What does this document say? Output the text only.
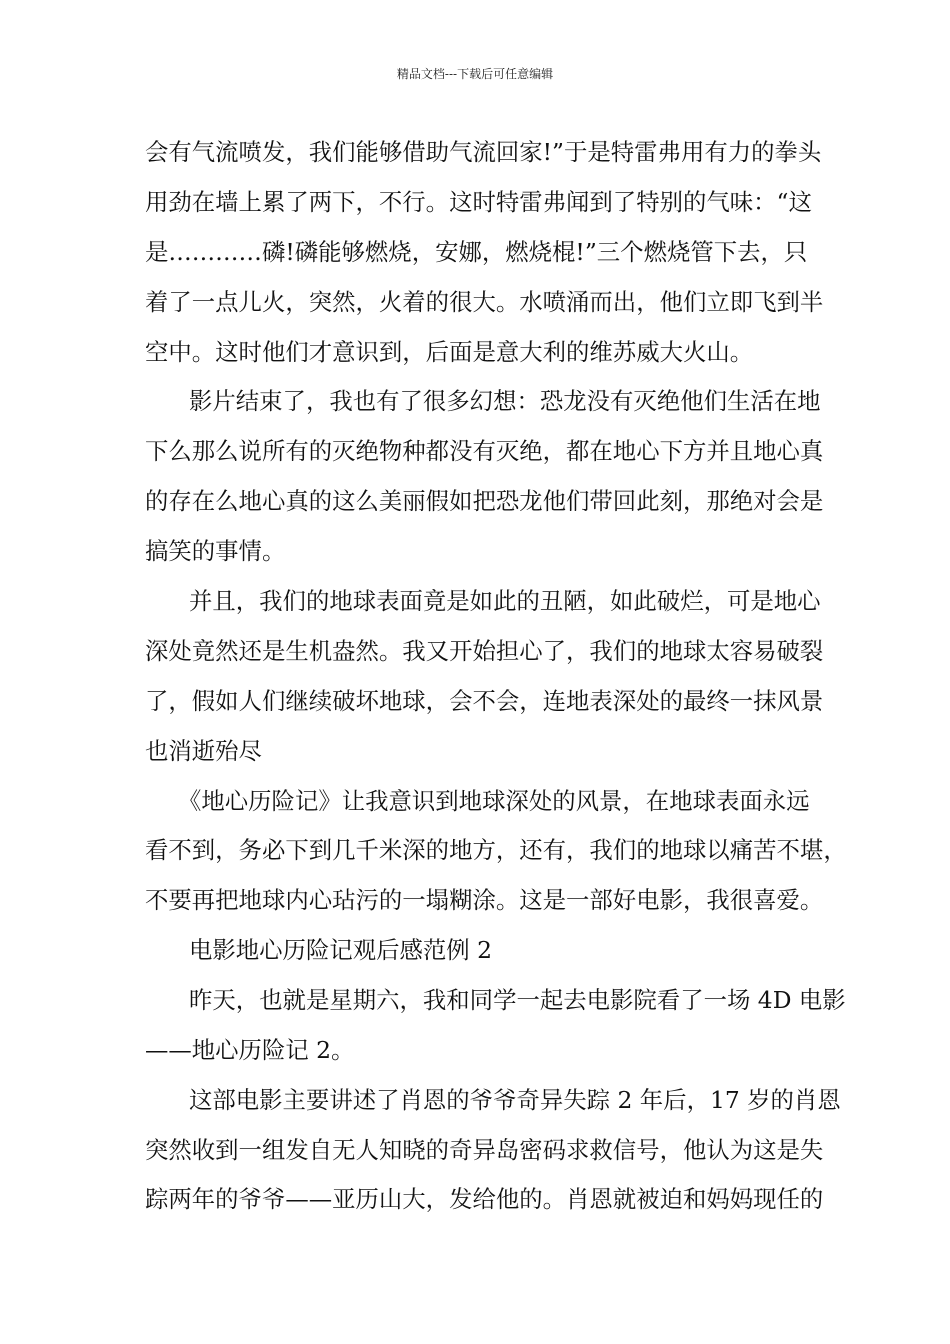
精品文档---下载后可任意编辑
会有气流喷发，我们能够借助气流回家!”于是特雷弗用有力的拳头
用劲在墙上累了两下，不行。这时特雷弗闻到了特别的气味：“这
是…………磷!磷能够燃烧，安娜，燃烧棍!”三个燃烧管下去，只
着了一点儿火，突然，火着的很大。水喷涌而出，他们立即飞到半
空中。这时他们才意识到，后面是意大利的维苏威大火山。
影片结束了，我也有了很多幻想：恐龙没有灭绝他们生活在地
下么那么说所有的灭绝物种都没有灭绝，都在地心下方并且地心真
的存在么地心真的这么美丽假如把恐龙他们带回此刻，那绝对会是
搞笑的事情。
并且，我们的地球表面竟是如此的丑陋，如此破烂，可是地心
深处竟然还是生机盎然。我又开始担心了，我们的地球太容易破裂
了，假如人们继续破坏地球，会不会，连地表深处的最终一抹风景
也消逝殆尽
《地心历险记》让我意识到地球深处的风景，在地球表面永远
看不到，务必下到几千米深的地方，还有，我们的地球以痛苦不堪，
不要再把地球内心玷污的一塌糊涂。这是一部好电影，我很喜爱。
电影地心历险记观后感范例 2
昨天，也就是星期六，我和同学一起去电影院看了一场 4D 电影
——地心历险记 2。
这部电影主要讲述了肖恩的爷爷奇异失踪 2 年后，17 岁的肖恩
突然收到一组发自无人知晓的奇异岛密码求救信号，他认为这是失
踪两年的爷爷——亚历山大，发给他的。肖恩就被迫和妈妈现任的
